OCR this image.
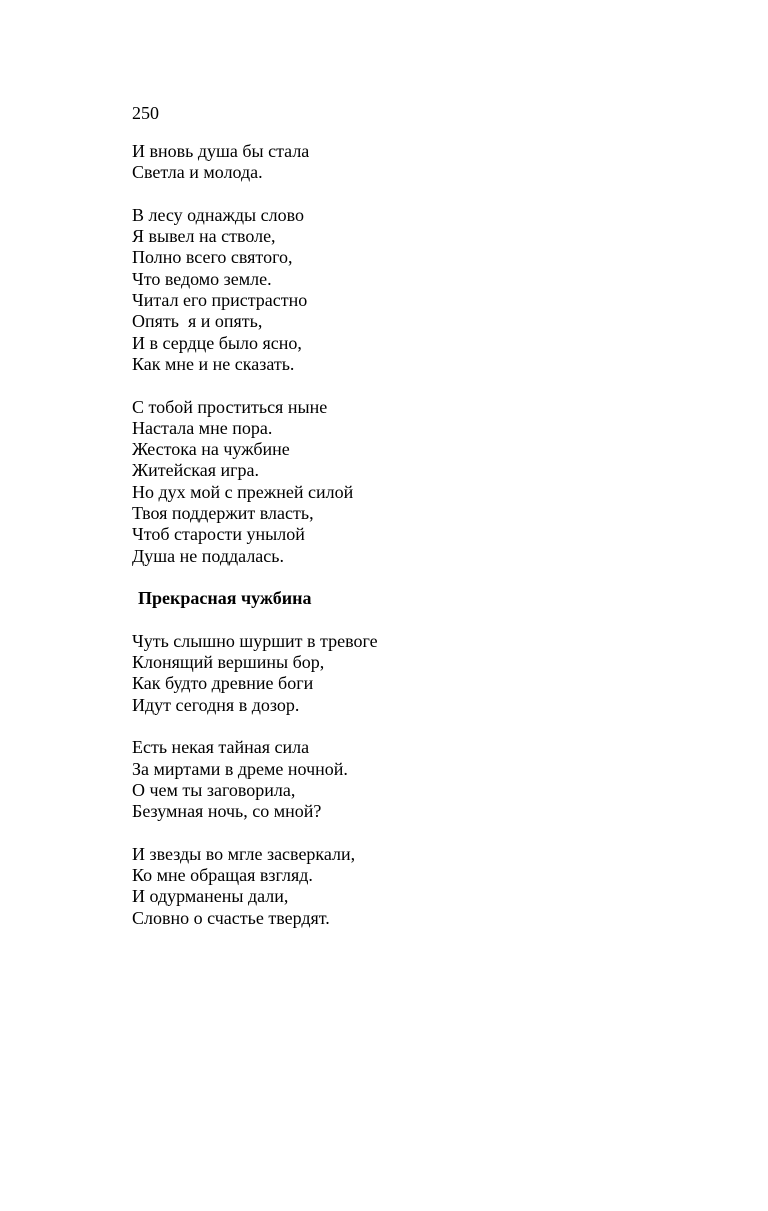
250
И вновь душа бы стала
Светла и молода.
В лесу однажды слово
Я вывел на стволе,
Полно всего святого,
Что ведомо земле.
Читал его пристрастно
Опять  я и опять,
И в сердце было ясно,
Как мне и не сказать.
С тобой проститься ныне
Настала мне пора.
Жестока на чужбине
Житейская игра.
Но дух мой с прежней силой
Твоя поддержит власть,
Чтоб старости унылой
Душа не поддалась.
Прекрасная чужбина
Чуть слышно шуршит в тревоге
Клонящий вершины бор,
Как будто древние боги
Идут сегодня в дозор.
Есть некая тайная сила
За миртами в дреме ночной.
О чем ты заговорила,
Безумная ночь, со мной?
И звезды во мгле засверкали,
Ко мне обращая взгляд.
И одурманены дали,
Словно о счастье твердят.
